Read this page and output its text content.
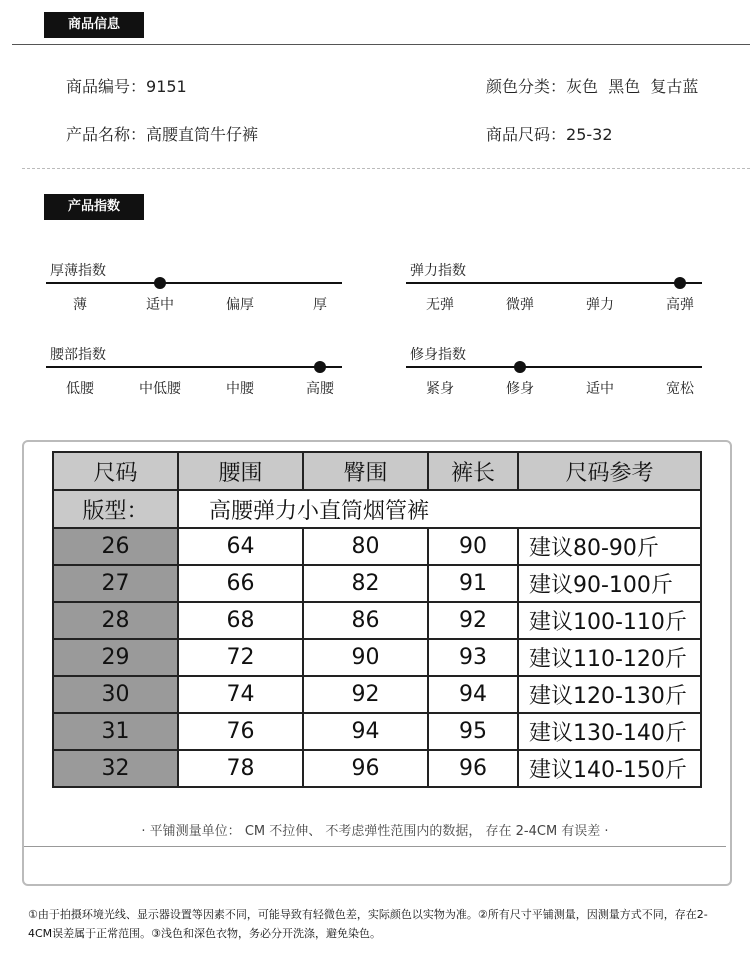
商品信息
商品编号：9151	颜色分类：灰色  黑色  复古蓝
产品名称：高腰直筒牛仔裤	商品尺码：25-32
产品指数
厚薄指数
薄	适中	偏厚	厚
弹力指数
无弹	微弹	弹力	高弹
腰部指数
低腰	中低腰	中腰	高腰
修身指数
紧身	修身	适中	宽松
尺码	腰围	臀围	裤长	尺码参考
版型：	高腰弹力小直筒烟管裤			
26	64	80	90	建议80-90斤
27	66	82	91	建议90-100斤
28	68	86	92	建议100-110斤
29	72	90	93	建议110-120斤
30	74	92	94	建议120-130斤
31	76	94	95	建议130-140斤
32	78	96	96	建议140-150斤
· 平铺测量单位： CM 不拉伸、 不考虑弹性范围内的数据， 存在 2-4CM 有误差 ·
①由于拍摄环境光线、显示器设置等因素不同，可能导致有轻微色差，实际颜色以实物为准。②所有尺寸平铺测量，因测量方式不同，存在2-4CM误差属于正常范围。③浅色和深色衣物，务必分开洗涤，避免染色。
